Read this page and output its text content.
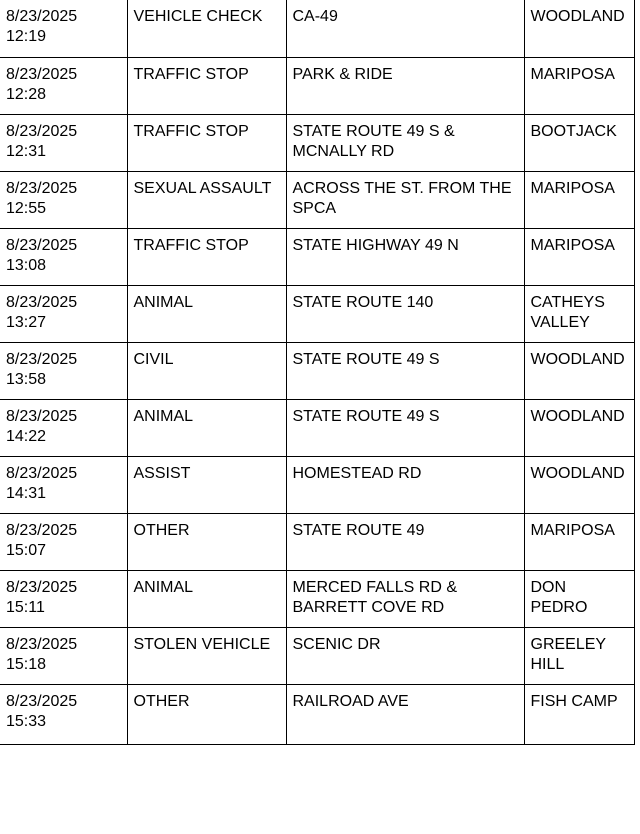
8/23/2025
12:19	VEHICLE CHECK	CA-49	WOODLAND

8/23/2025
12:28	TRAFFIC STOP	PARK & RIDE	MARIPOSA

8/23/2025
12:31	TRAFFIC STOP	STATE ROUTE 49 S &
MCNALLY RD	BOOTJACK

8/23/2025
12:55	SEXUAL ASSAULT	ACROSS THE ST. FROM THE
SPCA	MARIPOSA

8/23/2025
13:08	TRAFFIC STOP	STATE HIGHWAY 49 N	MARIPOSA

8/23/2025
13:27	ANIMAL	STATE ROUTE 140	CATHEYS
VALLEY

8/23/2025
13:58	CIVIL	STATE ROUTE 49 S	WOODLAND

8/23/2025
14:22	ANIMAL	STATE ROUTE 49 S	WOODLAND

8/23/2025
14:31	ASSIST	HOMESTEAD RD	WOODLAND

8/23/2025
15:07	OTHER	STATE ROUTE 49	MARIPOSA

8/23/2025
15:11	ANIMAL	MERCED FALLS RD &
BARRETT COVE RD	DON
PEDRO

8/23/2025
15:18	STOLEN VEHICLE	SCENIC DR	GREELEY
HILL

8/23/2025
15:33	OTHER	RAILROAD AVE	FISH CAMP
